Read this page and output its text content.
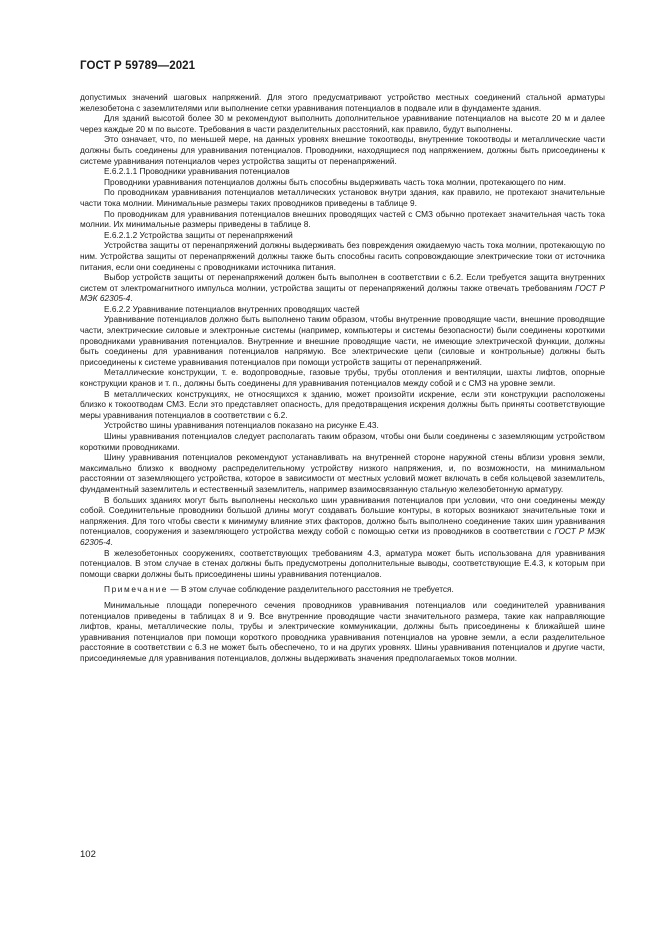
ГОСТ Р 59789—2021

допустимых значений шаговых напряжений. Для этого предусматривают устройство местных соединений стальной арматуры железобетона с заземлителями или выполнение сетки уравнивания потенциалов в подвале или в фундаменте здания.

Для зданий высотой более 30 м рекомендуют выполнить дополнительное уравнивание потенциалов на высоте 20 м и далее через каждые 20 м по высоте. Требования в части разделительных расстояний, как правило, будут выполнены.

Это означает, что, по меньшей мере, на данных уровнях внешние токоотводы, внутренние токоотводы и металлические части должны быть соединены для уравнивания потенциалов. Проводники, находящиеся под напряжением, должны быть присоединены к системе уравнивания потенциалов через устройства защиты от перенапряжений.

Е.6.2.1.1 Проводники уравнивания потенциалов

Проводники уравнивания потенциалов должны быть способны выдерживать часть тока молнии, протекающего по ним.

По проводникам уравнивания потенциалов металлических установок внутри здания, как правило, не протекают значительные части тока молнии. Минимальные размеры таких проводников приведены в таблице 9.

По проводникам для уравнивания потенциалов внешних проводящих частей с СМЗ обычно протекает значительная часть тока молнии. Их минимальные размеры приведены в таблице 8.

Е.6.2.1.2 Устройства защиты от перенапряжений

Устройства защиты от перенапряжений должны выдерживать без повреждения ожидаемую часть тока молнии, протекающую по ним. Устройства защиты от перенапряжений должны также быть способны гасить сопровождающие электрические токи от источника питания, если они соединены с проводниками источника питания.

Выбор устройств защиты от перенапряжений должен быть выполнен в соответствии с 6.2. Если требуется защита внутренних систем от электромагнитного импульса молнии, устройства защиты от перенапряжений должны также отвечать требованиям ГОСТ Р МЭК 62305-4.

Е.6.2.2 Уравнивание потенциалов внутренних проводящих частей

Уравнивание потенциалов должно быть выполнено таким образом, чтобы внутренние проводящие части, внешние проводящие части, электрические силовые и электронные системы (например, компьютеры и системы безопасности) были соединены короткими проводниками уравнивания потенциалов. Внутренние и внешние проводящие части, не имеющие электрической функции, должны быть соединены для уравнивания потенциалов напрямую. Все электрические цепи (силовые и контрольные) должны быть присоединены к системе уравнивания потенциалов при помощи устройств защиты от перенапряжений.

Металлические конструкции, т. е. водопроводные, газовые трубы, трубы отопления и вентиляции, шахты лифтов, опорные конструкции кранов и т. п., должны быть соединены для уравнивания потенциалов между собой и с СМЗ на уровне земли.

В металлических конструкциях, не относящихся к зданию, может произойти искрение, если эти конструкции расположены близко к токоотводам СМЗ. Если это представляет опасность, для предотвращения искрения должны быть приняты соответствующие меры уравнивания потенциалов в соответствии с 6.2.

Устройство шины уравнивания потенциалов показано на рисунке Е.43.

Шины уравнивания потенциалов следует располагать таким образом, чтобы они были соединены с заземляющим устройством короткими проводниками.

Шину уравнивания потенциалов рекомендуют устанавливать на внутренней стороне наружной стены вблизи уровня земли, максимально близко к вводному распределительному устройству низкого напряжения, и, по возможности, на минимальном расстоянии от заземляющего устройства, которое в зависимости от местных условий может включать в себя кольцевой заземлитель, фундаментный заземлитель и естественный заземлитель, например взаимосвязанную стальную железобетонную арматуру.

В больших зданиях могут быть выполнены несколько шин уравнивания потенциалов при условии, что они соединены между собой. Соединительные проводники большой длины могут создавать большие контуры, в которых возникают значительные токи и напряжения. Для того чтобы свести к минимуму влияние этих факторов, должно быть выполнено соединение таких шин уравнивания потенциалов, сооружения и заземляющего устройства между собой с помощью сетки из проводников в соответствии с ГОСТ Р МЭК 62305-4.

В железобетонных сооружениях, соответствующих требованиям 4.3, арматура может быть использована для уравнивания потенциалов. В этом случае в стенах должны быть предусмотрены дополнительные выводы, соответствующие Е.4.3, к которым при помощи сварки должны быть присоединены шины уравнивания потенциалов.

Примечание — В этом случае соблюдение разделительного расстояния не требуется.

Минимальные площади поперечного сечения проводников уравнивания потенциалов или соединителей уравнивания потенциалов приведены в таблицах 8 и 9. Все внутренние проводящие части значительного размера, такие как направляющие лифтов, краны, металлические полы, трубы и электрические коммуникации, должны быть присоединены к ближайшей шине уравнивания потенциалов при помощи короткого проводника уравнивания потенциалов на уровне земли, а если разделительное расстояние в соответствии с 6.3 не может быть обеспечено, то и на других уровнях. Шины уравнивания потенциалов и другие части, присоединяемые для уравнивания потенциалов, должны выдерживать значения предполагаемых токов молнии.

102
